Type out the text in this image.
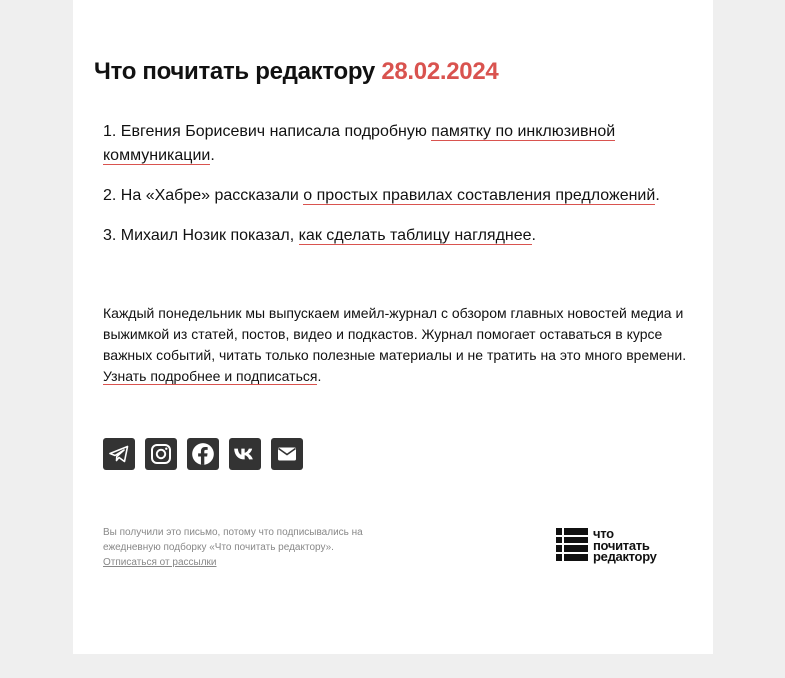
Что почитать редактору 28.02.2024

1. Евгения Борисевич написала подробную памятку по инклюзивной коммуникации.

2. На «Хабре» рассказали о простых правилах составления предложений.

3. Михаил Нозик показал, как сделать таблицу нагляднее.

Каждый понедельник мы выпускаем имейл-журнал с обзором главных новостей медиа и выжимкой из статей, постов, видео и подкастов. Журнал помогает оставаться в курсе важных событий, читать только полезные материалы и не тратить на это много времени. Узнать подробнее и подписаться.

Вы получили это письмо, потому что подписывались на ежедневную подборку «Что почитать редактору».
Отписаться от рассылки

что
почитать
редактору
